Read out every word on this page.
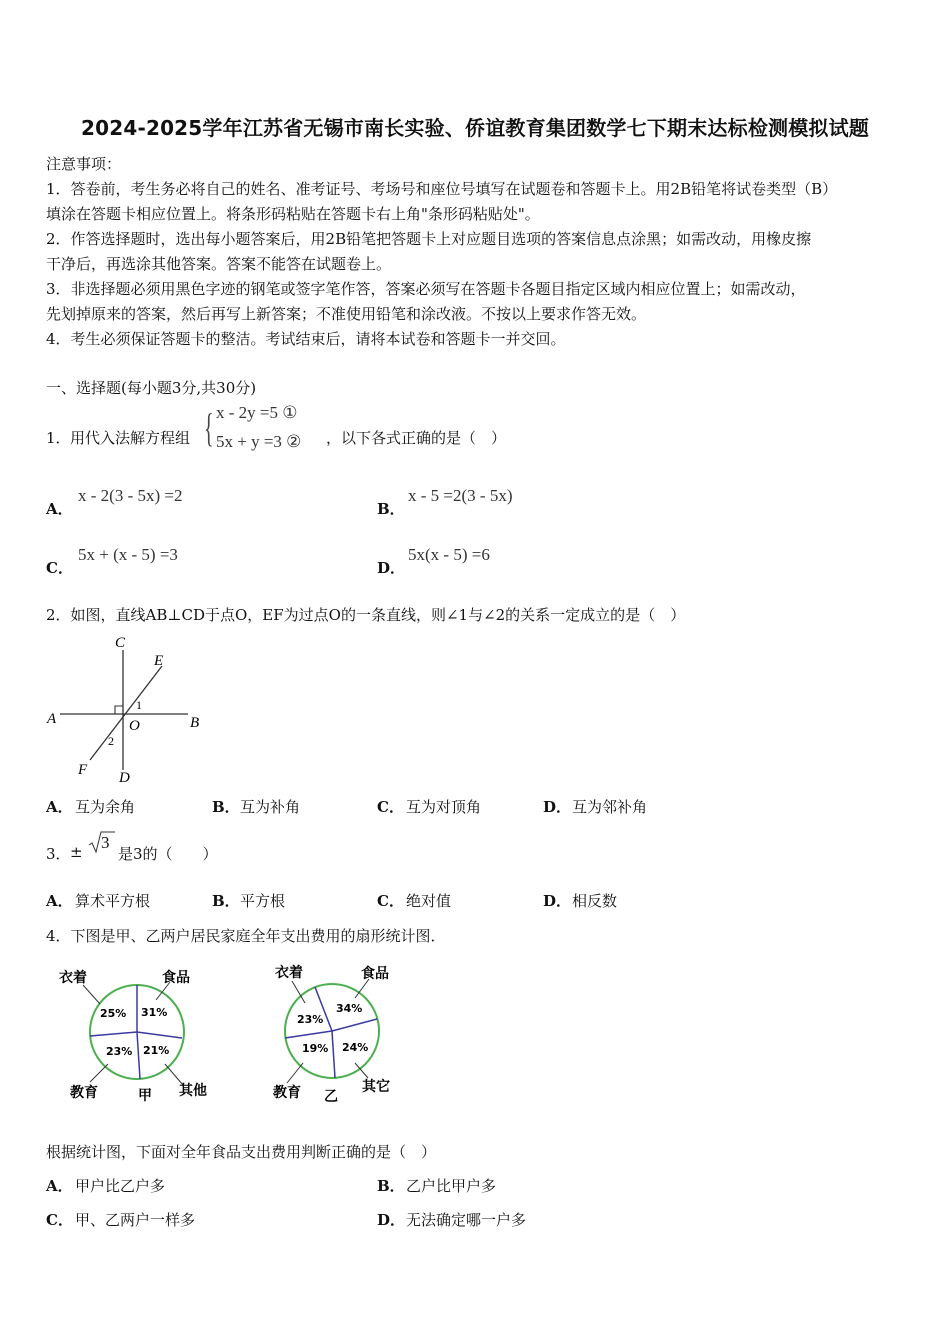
2024-2025学年江苏省无锡市南长实验、侨谊教育集团数学七下期末达标检测模拟试题
注意事项：
1．答卷前，考生务必将自己的姓名、准考证号、考场号和座位号填写在试题卷和答题卡上。用2B铅笔将试卷类型（B）
填涂在答题卡相应位置上。将条形码粘贴在答题卡右上角"条形码粘贴处"。
2．作答选择题时，选出每小题答案后，用2B铅笔把答题卡上对应题目选项的答案信息点涂黑；如需改动，用橡皮擦
干净后，再选涂其他答案。答案不能答在试题卷上。
3．非选择题必须用黑色字迹的钢笔或签字笔作答，答案必须写在答题卡各题目指定区域内相应位置上；如需改动，
先划掉原来的答案，然后再写上新答案；不准使用铅笔和涂改液。不按以上要求作答无效。
4．考生必须保证答题卡的整洁。考试结束后，请将本试卷和答题卡一并交回。
一、选择题(每小题3分,共30分)
1． 用代入法解方程组 { x - 2y =5 ①
5x + y =3 ② ，以下各式正确的是（　）
A．
x - 2(3 - 5x) =2
B．
x - 5 =2(3 - 5x)
C．
5x + (x - 5) =3
D．
5x(x - 5) =6
2．如图，直线AB⊥CD于点O，EF为过点O的一条直线，则∠1与∠2的关系一定成立的是（　）
C
E
A	O	B
1
2
F D
A． 互为余角	B． 互为补角	C． 互为对顶角	D． 互为邻补角
3． ± 3
是3的（　　）
A． 算术平方根	B． 平方根	C． 绝对值	D． 相反数
4．下图是甲、乙两户居民家庭全年支出费用的扇形统计图．
衣着	食品
教育	其他
25% 31%
23% 21%
甲
衣着	食品
教育	其它
23%
34%
19% 24%
乙
根据统计图，下面对全年食品支出费用判断正确的是（　）
A． 甲户比乙户多	B． 乙户比甲户多
C． 甲、乙两户一样多	D． 无法确定哪一户多
